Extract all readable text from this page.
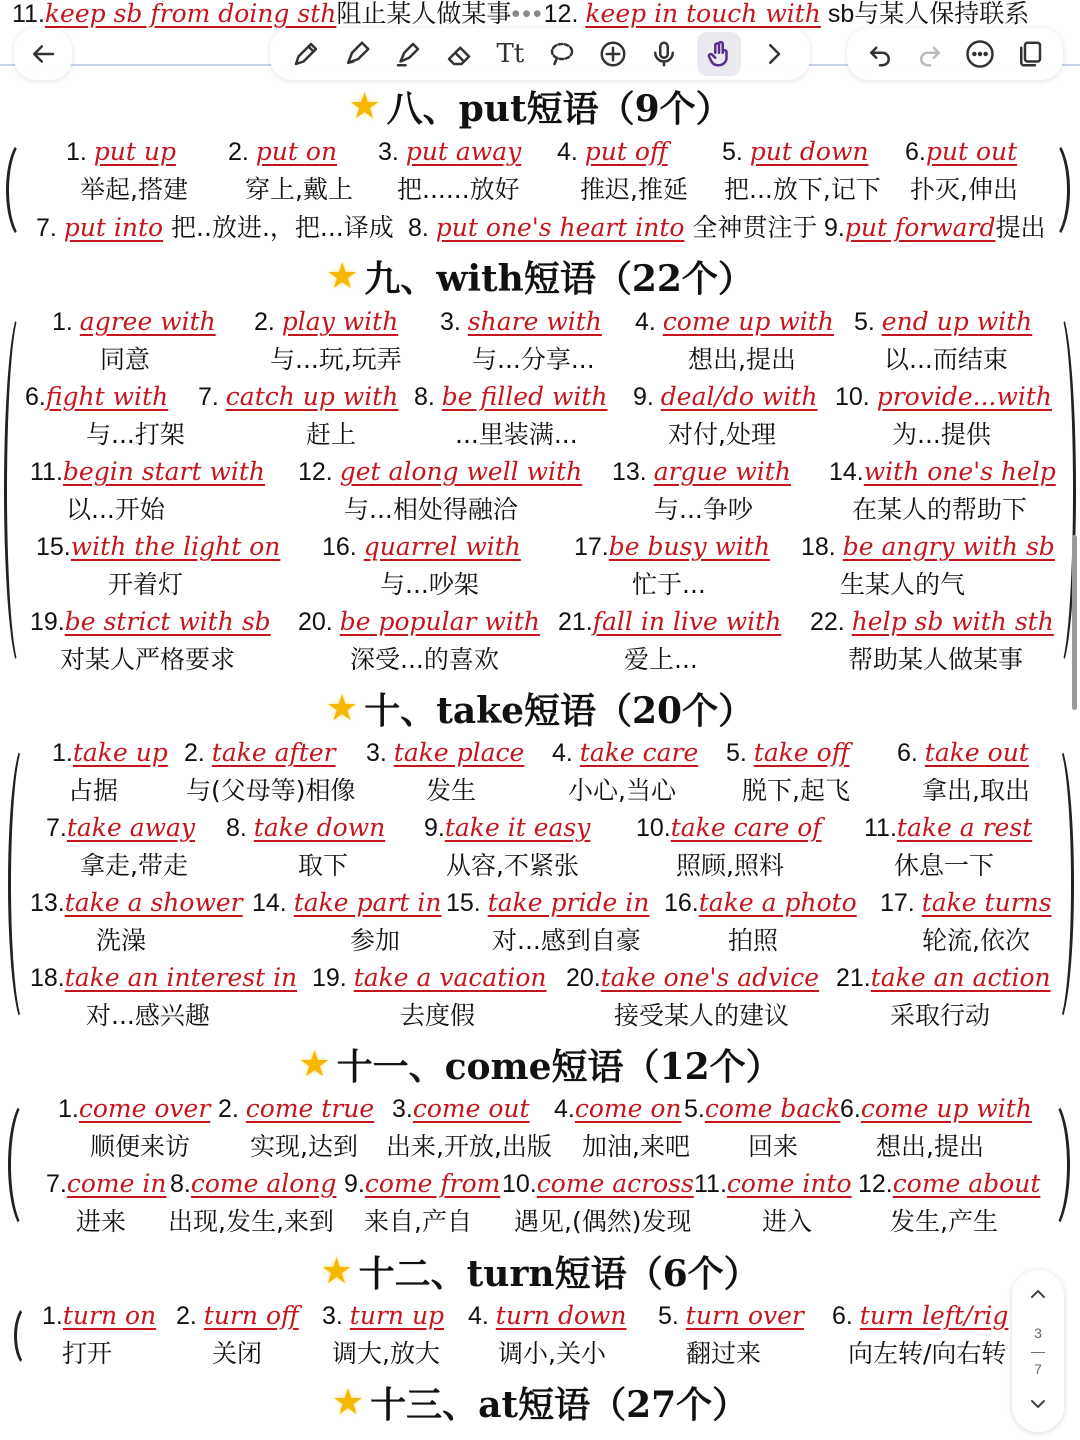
11.keep sb from doing sth阻止某人做某事•••12. keep in touch with sb与某人保持联系
Tt
★ 八、put短语（9个）
1. put up 2. put on 3. put away 4. put off 5. put down 6.put out
举起,搭建 穿上,戴上 把......放好 推迟,推延 把...放下,记下 扑灭,伸出
7. put into 把..放进.，把...译成 8. put one's heart into 全神贯注于 9.put forward提出
★ 九、with短语（22个）
1. agree with 2. play with 3. share with 4. come up with 5. end up with
同意	与...玩,玩弄	与...分享...	想出,提出	以...而结束
6.fight with 7. catch up with 8. be filled with 9. deal/do with 10. provide...with
与...打架	赶上	...里装满...	对付,处理	为...提供
11.begin start with 12. get along well with 13. argue with 14.with one's help
以...开始	与...相处得融洽	与...争吵	在某人的帮助下
15.with the light on 16. quarrel with 17.be busy with 18. be angry with sb
开着灯	与...吵架	忙于...	生某人的气
19.be strict with sb 20. be popular with 21.fall in live with 22. help sb with sth
对某人严格要求	深受...的喜欢	爱上...	帮助某人做某事
★ 十、take短语（20个）
1.take up 2. take after 3. take place 4. take care 5. take off 6. take out
占据	与(父母等)相像	发生	小心,当心	脱下,起飞	拿出,取出
7.take away 8. take down 9.take it easy 10.take care of 11.take a rest
拿走,带走	取下	从容,不紧张	照顾,照料	休息一下
13.take a shower 14. take part in 15. take pride in 16.take a photo 17. take turns
洗澡	参加	对...感到自豪	拍照	轮流,依次
18.take an interest in 19. take a vacation 20.take one's advice 21.take an action
对...感兴趣	去度假	接受某人的建议	采取行动
★ 十一、come短语（12个）
1.come over 2. come true 3.come out 4.come on 5.come back 6.come up with
顺便来访 实现,达到 出来,开放,出版 加油,来吧 回来	想出,提出
7.come in 8.come along 9.come from 10.come across 11.come into 12.come about
进来 出现,发生,来到 来自,产自 遇见,(偶然)发现	进入	发生,产生
★ 十二、turn短语（6个）
1.turn on 2. turn off 3. turn up 4. turn down 5. turn over 6. turn left/rig
打开	关闭	调大,放大 调小,关小	翻过来	向左转/向右转
★ 十三、at短语（27个）
3
—
7
